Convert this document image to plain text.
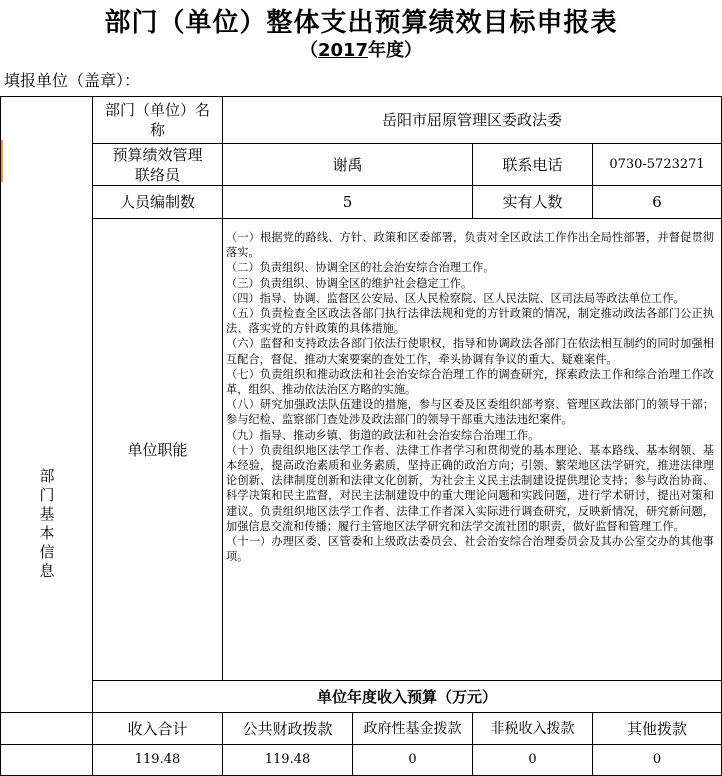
部门（单位）整体支出预算绩效目标申报表
（2017年度）
填报单位（盖章）：
部门基本信息
部门（单位）名称
岳阳市屈原管理区委政法委
预算绩效管理联络员
谢禹	联系电话	0730-5723271
人员编制数	5	实有人数	6
单位职能

（一）根据党的路线、方针、政策和区委部署，负责对全区政法工作作出全局性部署，并督促贯彻落实。

（二）负责组织、协调全区的社会治安综合治理工作。

（三）负责组织、协调全区的维护社会稳定工作。

（四）指导、协调、监督区公安局、区人民检察院、区人民法院、区司法局等政法单位工作。

（五）负责检查全区政法各部门执行法律法规和党的方针政策的情况，制定推动政法各部门公正执法、落实党的方针政策的具体措施。

（六）监督和支持政法各部门依法行使职权，指导和协调政法各部门在依法相互制约的同时加强相互配合，督促、推动大案要案的查处工作，牵头协调有争议的重大、疑难案件。

（七）负责组织和推动政法和社会治安综合治理工作的调查研究，探索政法工作和综合治理工作改革，组织、推动依法治区方略的实施。

（八）研究加强政法队伍建设的措施，参与区委及区委组织部考察、管理区政法部门的领导干部；参与纪检、监察部门查处涉及政法部门的领导干部重大违法违纪案件。

（九）指导、推动乡镇、街道的政法和社会治安综合治理工作。

（十）负责组织地区法学工作者、法律工作者学习和贯彻党的基本理论、基本路线、基本纲领、基本经验，提高政治素质和业务素质，坚持正确的政治方向；引领、繁荣地区法学研究，推进法律理论创新、法律制度创新和法律文化创新，为社会主义民主法制建设提供理论支持；参与政治协商、科学决策和民主监督，对民主法制建设中的重大理论问题和实践问题，进行学术研讨，提出对策和建议。负责组织地区法学工作者、法律工作者深入实际进行调查研究，反映新情况，研究新问题，加强信息交流和传播；履行主管地区法学研究和法学交流社团的职责，做好监督和管理工作。

（十一）办理区委、区管委和上级政法委员会、社会治安综合治理委员会及其办公室交办的其他事项。

单位年度收入预算（万元）
收入合计	公共财政拨款	政府性基金拨款	非税收入拨款	其他拨款
119.48	119.48	0	0	0
